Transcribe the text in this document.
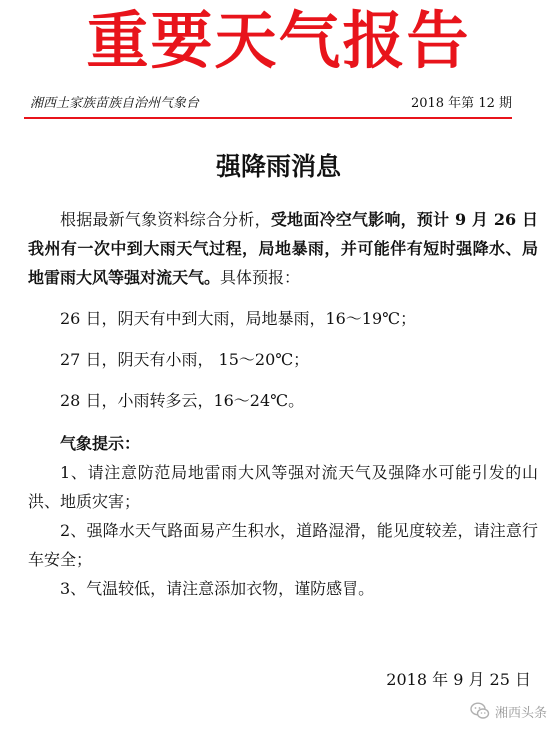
重要天气报告
湘西土家族苗族自治州气象台	2018 年第 12 期
强降雨消息

根据最新气象资料综合分析，受地面冷空气影响，预计 9 月 26 日我州有一次中到大雨天气过程，局地暴雨，并可能伴有短时强降水、局地雷雨大风等强对流天气。具体预报：

26 日，阴天有中到大雨，局地暴雨，16～19℃；

27 日，阴天有小雨， 15～20℃；

28 日，小雨转多云，16～24℃。

气象提示：

1、请注意防范局地雷雨大风等强对流天气及强降水可能引发的山洪、地质灾害；

2、强降水天气路面易产生积水，道路湿滑，能见度较差，请注意行车安全；

3、气温较低，请注意添加衣物，谨防感冒。

2018 年 9 月 25 日
湘西头条
